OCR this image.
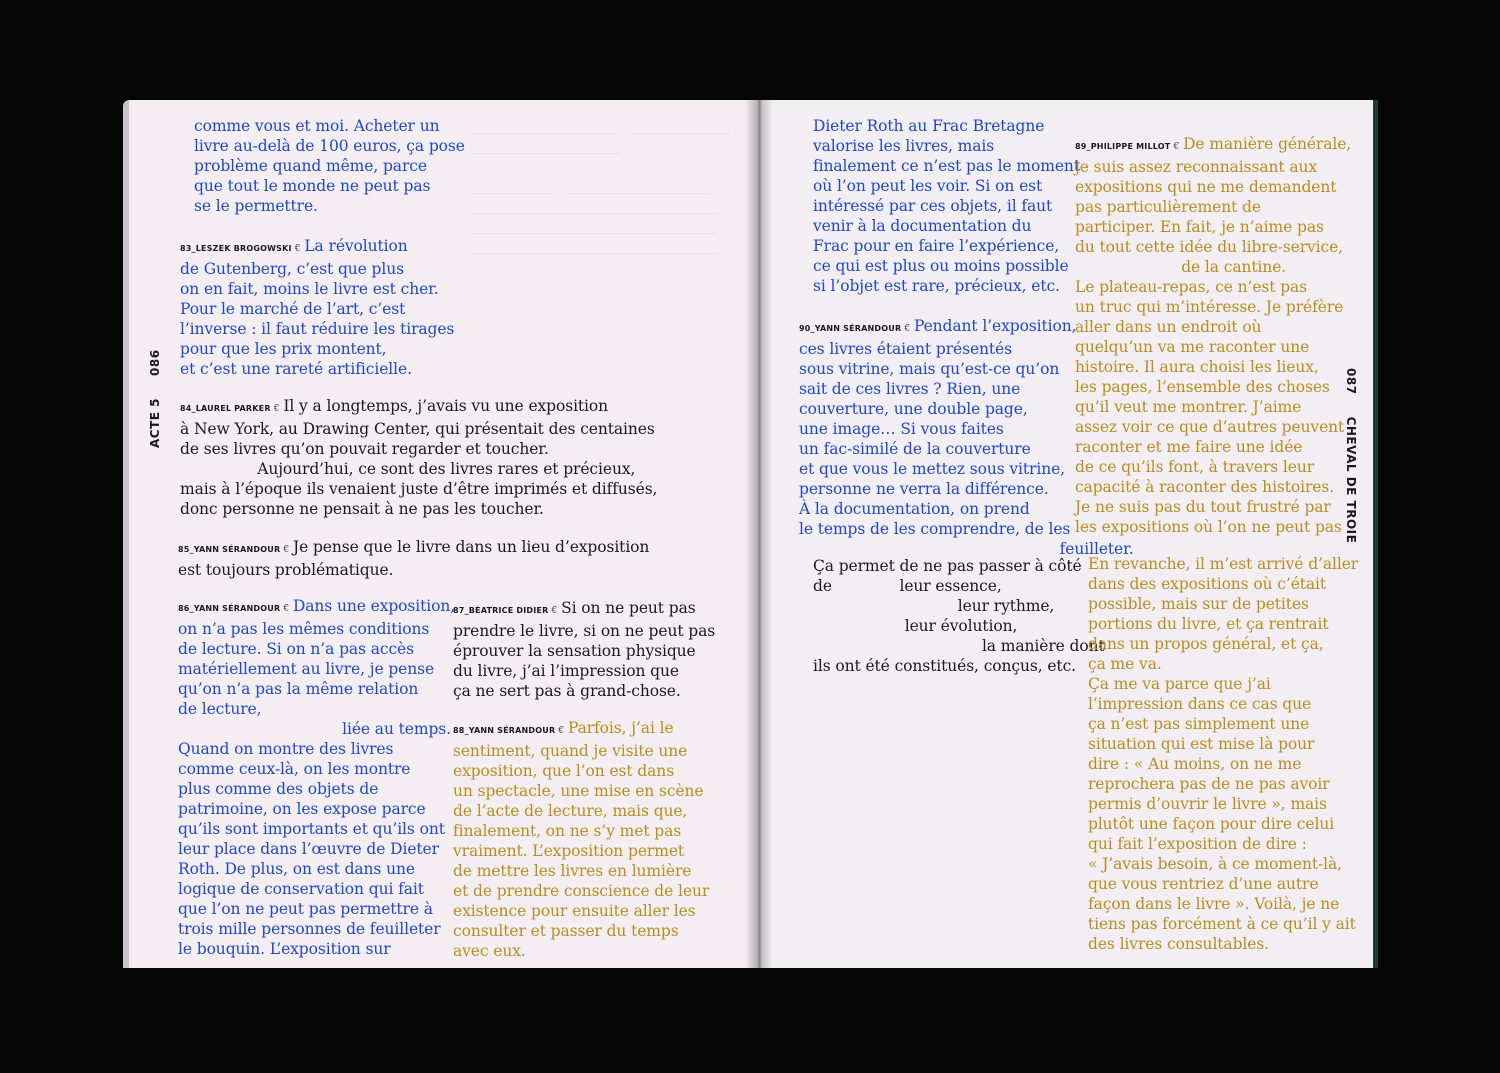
_______________________   _______________
_______________________

_____________   ______________________
______________________________________
______________________________________
______________________________________
ACTE 5086
087CHEVAL DE TROIE
comme vous et moi. Acheter un
livre au-delà de 100 euros, ça pose
problème quand même, parce
que tout le monde ne peut pas
se le permettre.
83_LESZEK BROGOWSKI € La révolution
de Gutenberg, c’est que plus
on en fait, moins le livre est cher.
Pour le marché de l’art, c’est
l’inverse : il faut réduire les tirages
pour que les prix montent,
et c’est une rareté artificielle.
84_LAUREL PARKER € Il y a longtemps, j’avais vu une exposition
à New York, au Drawing Center, qui présentait des centaines
de ses livres qu’on pouvait regarder et toucher.
Aujourd’hui, ce sont des livres rares et précieux,
mais à l’époque ils venaient juste d’être imprimés et diffusés,
donc personne ne pensait à ne pas les toucher.
85_YANN SÉRANDOUR € Je pense que le livre dans un lieu d’exposition
est toujours problématique.
86_YANN SÉRANDOUR € Dans une exposition,
on n’a pas les mêmes conditions
de lecture. Si on n’a pas accès
matériellement au livre, je pense
qu’on n’a pas la même relation
de lecture,
liée au temps.
Quand on montre des livres
comme ceux-là, on les montre
plus comme des objets de
patrimoine, on les expose parce
qu’ils sont importants et qu’ils ont
leur place dans l’œuvre de Dieter
Roth. De plus, on est dans une
logique de conservation qui fait
que l’on ne peut pas permettre à
trois mille personnes de feuilleter
le bouquin. L’exposition sur
87_BÉATRICE DIDIER € Si on ne peut pas
prendre le livre, si on ne peut pas
éprouver la sensation physique
du livre, j’ai l’impression que
ça ne sert pas à grand-chose.
88_YANN SÉRANDOUR € Parfois, j’ai le
sentiment, quand je visite une
exposition, que l’on est dans
un spectacle, une mise en scène
de l’acte de lecture, mais que,
finalement, on ne s’y met pas
vraiment. L’exposition permet
de mettre les livres en lumière
et de prendre conscience de leur
existence pour ensuite aller les
consulter et passer du temps
avec eux.
Dieter Roth au Frac Bretagne
valorise les livres, mais
finalement ce n’est pas le moment
où l’on peut les voir. Si on est
intéressé par ces objets, il faut
venir à la documentation du
Frac pour en faire l’expérience,
ce qui est plus ou moins possible
si l’objet est rare, précieux, etc.
90_YANN SÉRANDOUR € Pendant l’exposition,
ces livres étaient présentés
sous vitrine, mais qu’est-ce qu’on
sait de ces livres ? Rien, une
couverture, une double page,
une image… Si vous faites
un fac-similé de la couverture
et que vous le mettez sous vitrine,
personne ne verra la différence.
À la documentation, on prend
le temps de les comprendre, de les
feuilleter.
Ça permet de ne pas passer à côté
de              leur essence,
leur rythme,
leur évolution,
la manière dont
ils ont été constitués, conçus, etc.
89_PHILIPPE MILLOT € De manière générale,
je suis assez reconnaissant aux
expositions qui ne me demandent
pas particulièrement de
participer. En fait, je n’aime pas
du tout cette idée du libre-service,
de la cantine.
Le plateau-repas, ce n’est pas
un truc qui m’intéresse. Je préfère
aller dans un endroit où
quelqu’un va me raconter une
histoire. Il aura choisi les lieux,
les pages, l’ensemble des choses
qu’il veut me montrer. J’aime
assez voir ce que d’autres peuvent
raconter et me faire une idée
de ce qu’ils font, à travers leur
capacité à raconter des histoires.
Je ne suis pas du tout frustré par
les expositions où l’on ne peut pas
En revanche, il m’est arrivé d’aller
dans des expositions où c’était
possible, mais sur de petites
portions du livre, et ça rentrait
dans un propos général, et ça,
ça me va.
Ça me va parce que j’ai
l’impression dans ce cas que
ça n’est pas simplement une
situation qui est mise là pour
dire : « Au moins, on ne me
reprochera pas de ne pas avoir
permis d’ouvrir le livre », mais
plutôt une façon pour dire celui
qui fait l’exposition de dire :
« J’avais besoin, à ce moment-là,
que vous rentriez d’une autre
façon dans le livre ». Voilà, je ne
tiens pas forcément à ce qu’il y ait
des livres consultables.
